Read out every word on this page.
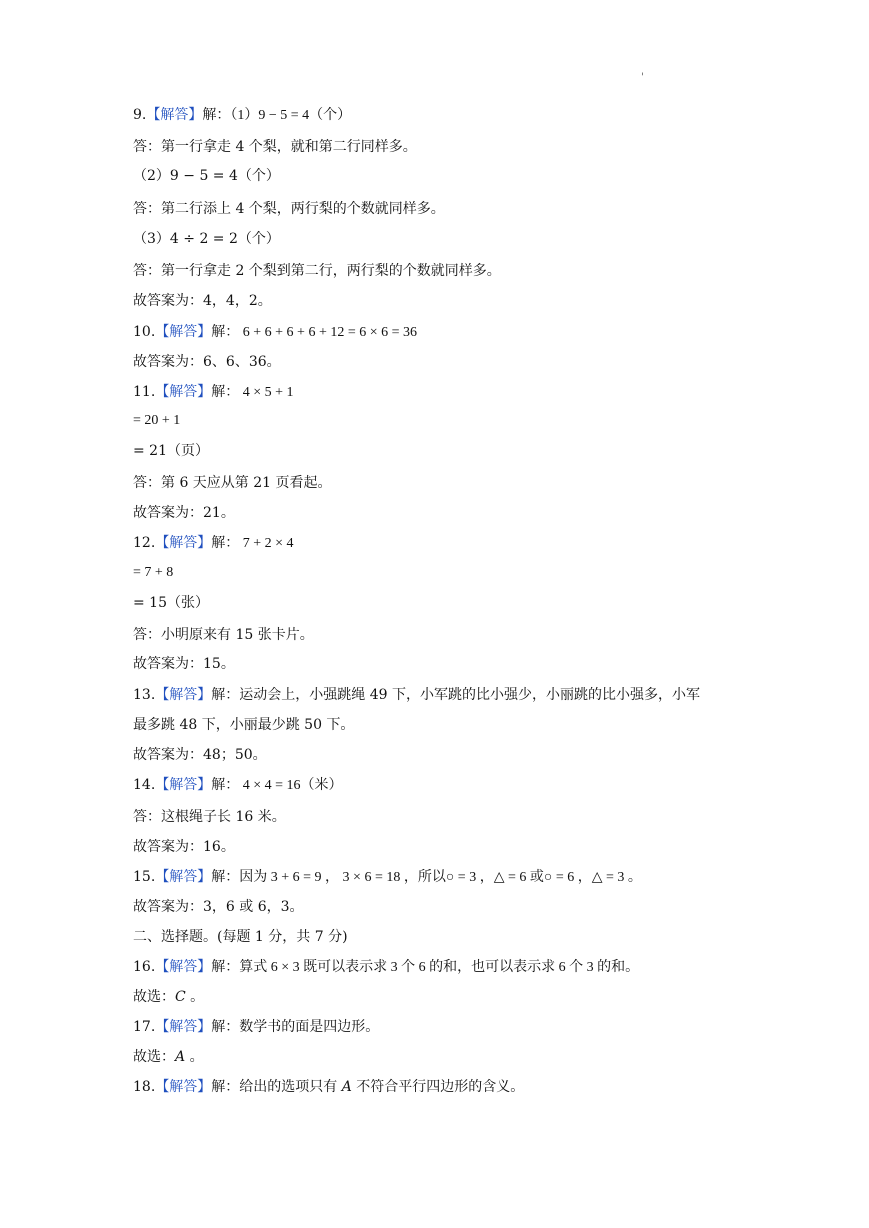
'
9.【解答】解：（1）9 − 5 = 4（个）
答：第一行拿走 4 个梨，就和第二行同样多。
（2）9 − 5 = 4（个）
答：第二行添上 4 个梨，两行梨的个数就同样多。
（3）4 ÷ 2 = 2（个）
答：第一行拿走 2 个梨到第二行，两行梨的个数就同样多。
故答案为：4，4，2。
10.【解答】解： 6 + 6 + 6 + 6 + 12 = 6 × 6 = 36
故答案为：6、6、36。
11.【解答】解： 4 × 5 + 1
= 20 + 1
= 21（页）
答：第 6 天应从第 21 页看起。
故答案为：21。
12.【解答】解： 7 + 2 × 4
= 7 + 8
= 15（张）
答：小明原来有 15 张卡片。
故答案为：15。
13.【解答】解：运动会上，小强跳绳 49 下，小军跳的比小强少，小丽跳的比小强多，小军
最多跳 48 下，小丽最少跳 50 下。
故答案为：48；50。
14.【解答】解： 4 × 4 = 16（米）
答：这根绳子长 16 米。
故答案为：16。
15.【解答】解：因为 3 + 6 = 9 ， 3 × 6 = 18 ，所以○ = 3 ，△ = 6 或○ = 6 ，△ = 3 。
故答案为：3，6 或 6，3。
二、选择题。(每题 1 分，共 7 分)
16.【解答】解：算式 6 × 3 既可以表示求 3 个 6 的和，也可以表示求 6 个 3 的和。
故选：C 。
17.【解答】解：数学书的面是四边形。
故选：A 。
18.【解答】解：给出的选项只有 A 不符合平行四边形的含义。
